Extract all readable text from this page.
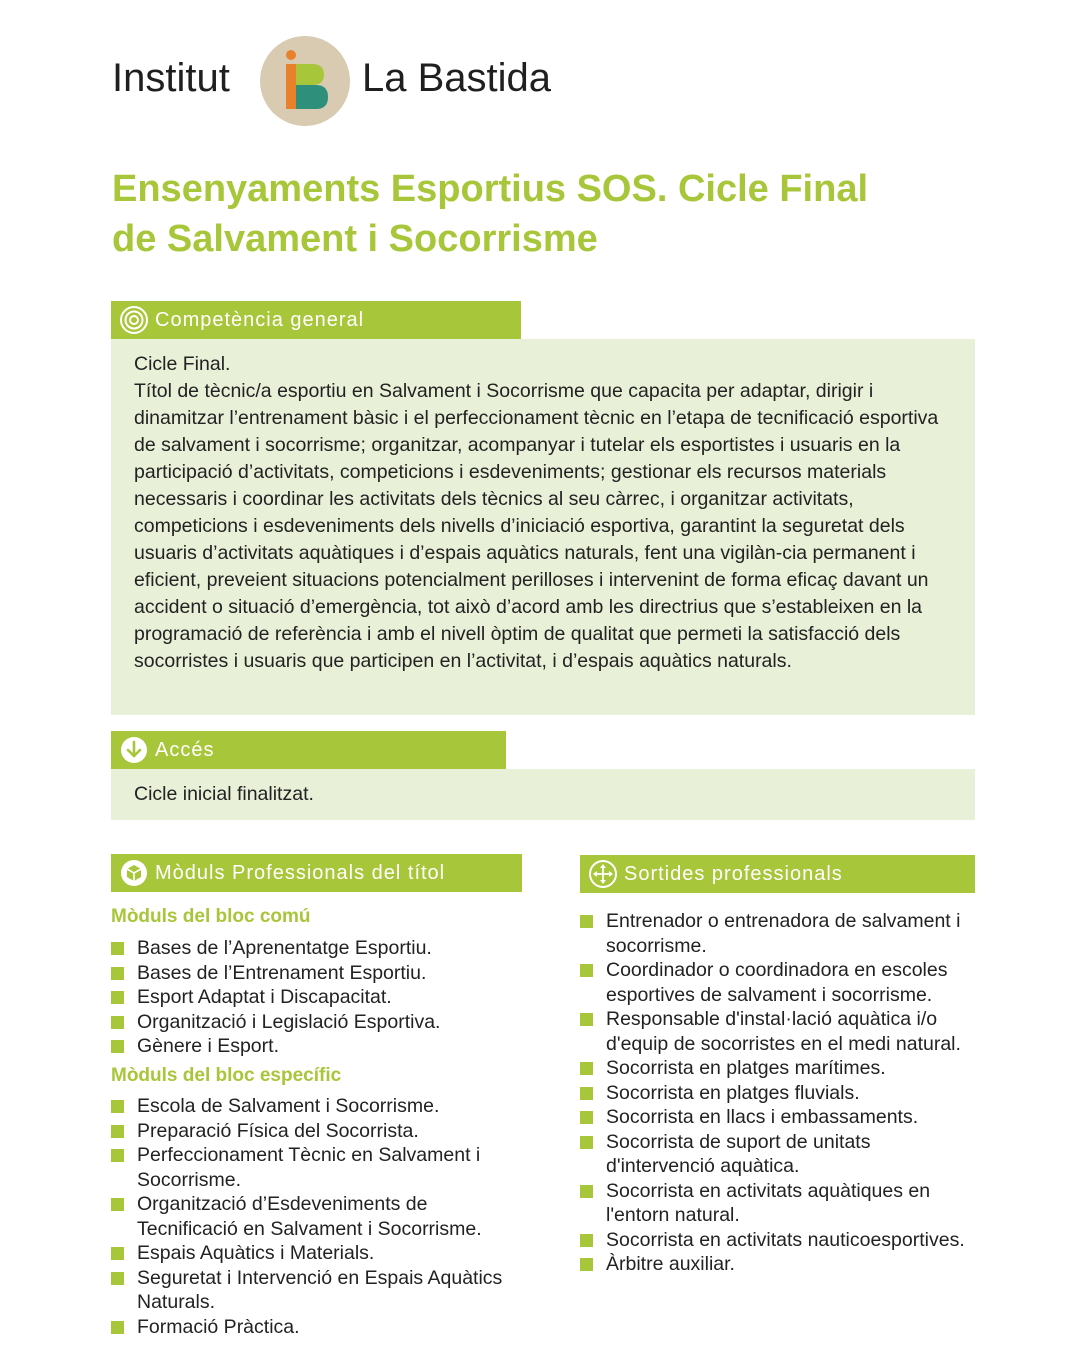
Institut
B
La Bastida
Ensenyaments Esportius SOS. Cicle Final
de Salvament i Socorrisme
Competència general

Cicle Final.

Títol de tècnic/a esportiu en Salvament i Socorrisme que capacita per adaptar, dirigir i dinamitzar l’entrenament bàsic i el perfeccionament tècnic en l’etapa de tecnificació esportiva de salvament i socorrisme; organitzar, acompanyar i tutelar els esportistes i usuaris en la participació d’activitats, competicions i esdeveniments; gestionar els recursos materials necessaris i coordinar les activitats dels tècnics al seu càrrec, i organitzar activitats, competicions i esdeveniments dels nivells d’iniciació esportiva, garantint la seguretat dels usuaris d’activitats aquàtiques i d’espais aquàtics naturals, fent una vigilàn-cia permanent i eficient, preveient situacions potencialment perilloses i intervenint de forma eficaç davant un accident o situació d’emergència, tot això d’acord amb les directrius que s’estableixen en la programació de referència i amb el nivell òptim de qualitat que permeti la satisfacció dels socorristes i usuaris que participen en l’activitat, i d’espais aquàtics naturals.

Accés

Cicle inicial finalitzat.

Mòduls Professionals del títol
Mòduls del bloc comú
Bases de l’Aprenentatge Esportiu.
Bases de l’Entrenament Esportiu.
Esport Adaptat i Discapacitat.
Organització i Legislació Esportiva.
Gènere i Esport.
Mòduls del bloc específic
Escola de Salvament i Socorrisme.
Preparació Física del Socorrista.
Perfeccionament Tècnic en Salvament i Socorrisme.
Organització d’Esdeveniments de Tecnificació en Salvament i Socorrisme.
Espais Aquàtics i Materials.
Seguretat i Intervenció en Espais Aquàtics Naturals.
Formació Pràctica.
Sortides professionals
Entrenador o entrenadora de salvament i socorrisme.
Coordinador o coordinadora en escoles esportives de salvament i socorrisme.
Responsable d'instal·lació aquàtica i/o d'equip de socorristes en el medi natural.
Socorrista en platges marítimes.
Socorrista en platges fluvials.
Socorrista en llacs i embassaments.
Socorrista de suport de unitats d'intervenció aquàtica.
Socorrista en activitats aquàtiques en l'entorn natural.
Socorrista en activitats nauticoesportives.
Àrbitre auxiliar.
